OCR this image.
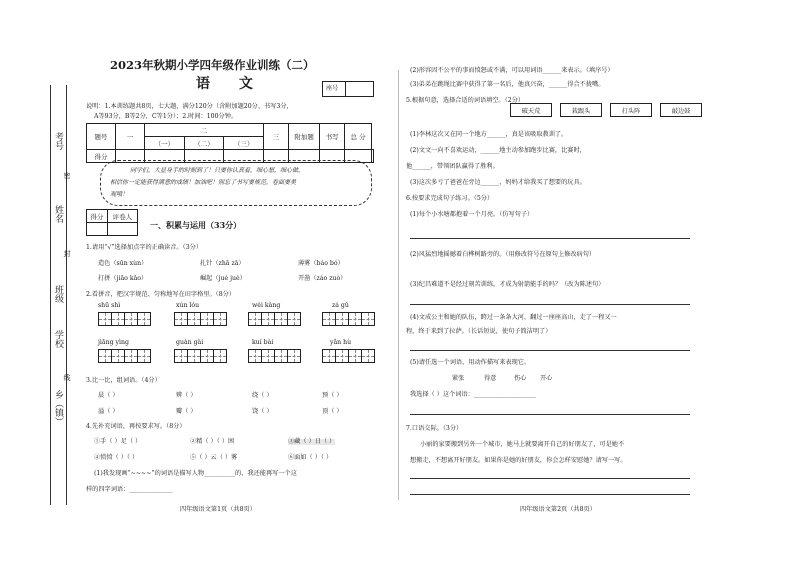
考号
姓名
班级
学校
乡（镇）
密
封
线
2023年秋期小学四年级作业训练（二）
语 文	座号
说明：1.本训练题共8页，七大题，满分120分（含附加题20分、书写3分，
A等93分，B等2分，C等1分）；2.时间：100分钟。
题号	一	二			三	附加题	书写	总 分	
		（一）	（二）	（三）					
得分									
同学们，大显身手的时刻到了！只要你认真看，细心想，细心做，
相信你一定能获得满意的成绩！加油吧！别忘了书写要规范，卷面要美
观哦！
得分	评卷人

一、积累与运用（33分）
1.请用“√”选择加点字的正确读音。（3分）
造色（sūn xùn）	扎针（zhā zā）	薄雾（báo bó）
打拼（jiāo kǎo）	崛起（jué juè）	开凿（záo zuò）
2.看拼音，把汉字规范、匀称地写在田字格里。（8分）
shū shì	xún lóu	wéi kàng	zá gǔ
jiāng yìng	guàn gài	kuí bài	yǎn hù
3.比一比，组词语。（4分）
晨（ ）	辨（ ）	绕（ ）	预（ ）
溢（ ）	瓣（ ）	饶（ ）	顶（ ）
4.先补充词语，再按要求写。（8分）
①手（ ）足（ ）	②精（ ）（ ）困	③藏（ ）日（ ）
④愤愤（ ）（ ）	⑤（ ）云（ ）雾	⑥面如（ ）（ ）
(1)我发现画“~~~~”的词语是描写人物__________的，我还能再写一个这
样的四字词语：______________
四年级语文第1页（共8页）
(2)形容因不公平的事而愤怒或不满，可以用词语______来表示。（填序号）
(3)弟弟在跳绳比赛中获得了第一名后，他真兴奋，______得合不拢嘴。
5.根据句意，选择合适的词语填空。（2分）
破天荒	栽跟头	打头阵	敲边鼓
(1)李林这次又在同一个地方______，真是该吸取教训了。
(2)文文一向不喜欢运动，______地主动参加跑步比赛，比赛时，
他______，带领团队赢得了胜利。
(3)这次多亏了爸爸在旁边______，妈妈才给我买了想要的玩具。
6.按要求完成句子练习。（5分）
(1)每个小水塘都抱着一个月亮。（仿写句子）
(2)风猛烈地摇撼着白桦树路旁的。（用修改符号在原句上修改病句）
(3)纪昌难道不是经过刻苦训练，才成为射箭能手的吗？（改为陈述句）
(4)文成公主和她的队伍，跨过一条条大河，翻过一座座高山，走了一程又一
程，终于来到了拉萨。（长话短说，使句子简洁明了）
(5)请任选一个词语，用动作描写来表现它。
紧张	得意	伤心 开心
我选择（ ）这个词语：____________________
7.口语交际。（3分）
小丽的家要搬到另外一个城市，她马上就要离开自己的好朋友了，可是她不
想搬走，不想离开好朋友。如果你是她的好朋友，你会怎样安慰她？请写一写。
四年级语文第2页（共8页）
